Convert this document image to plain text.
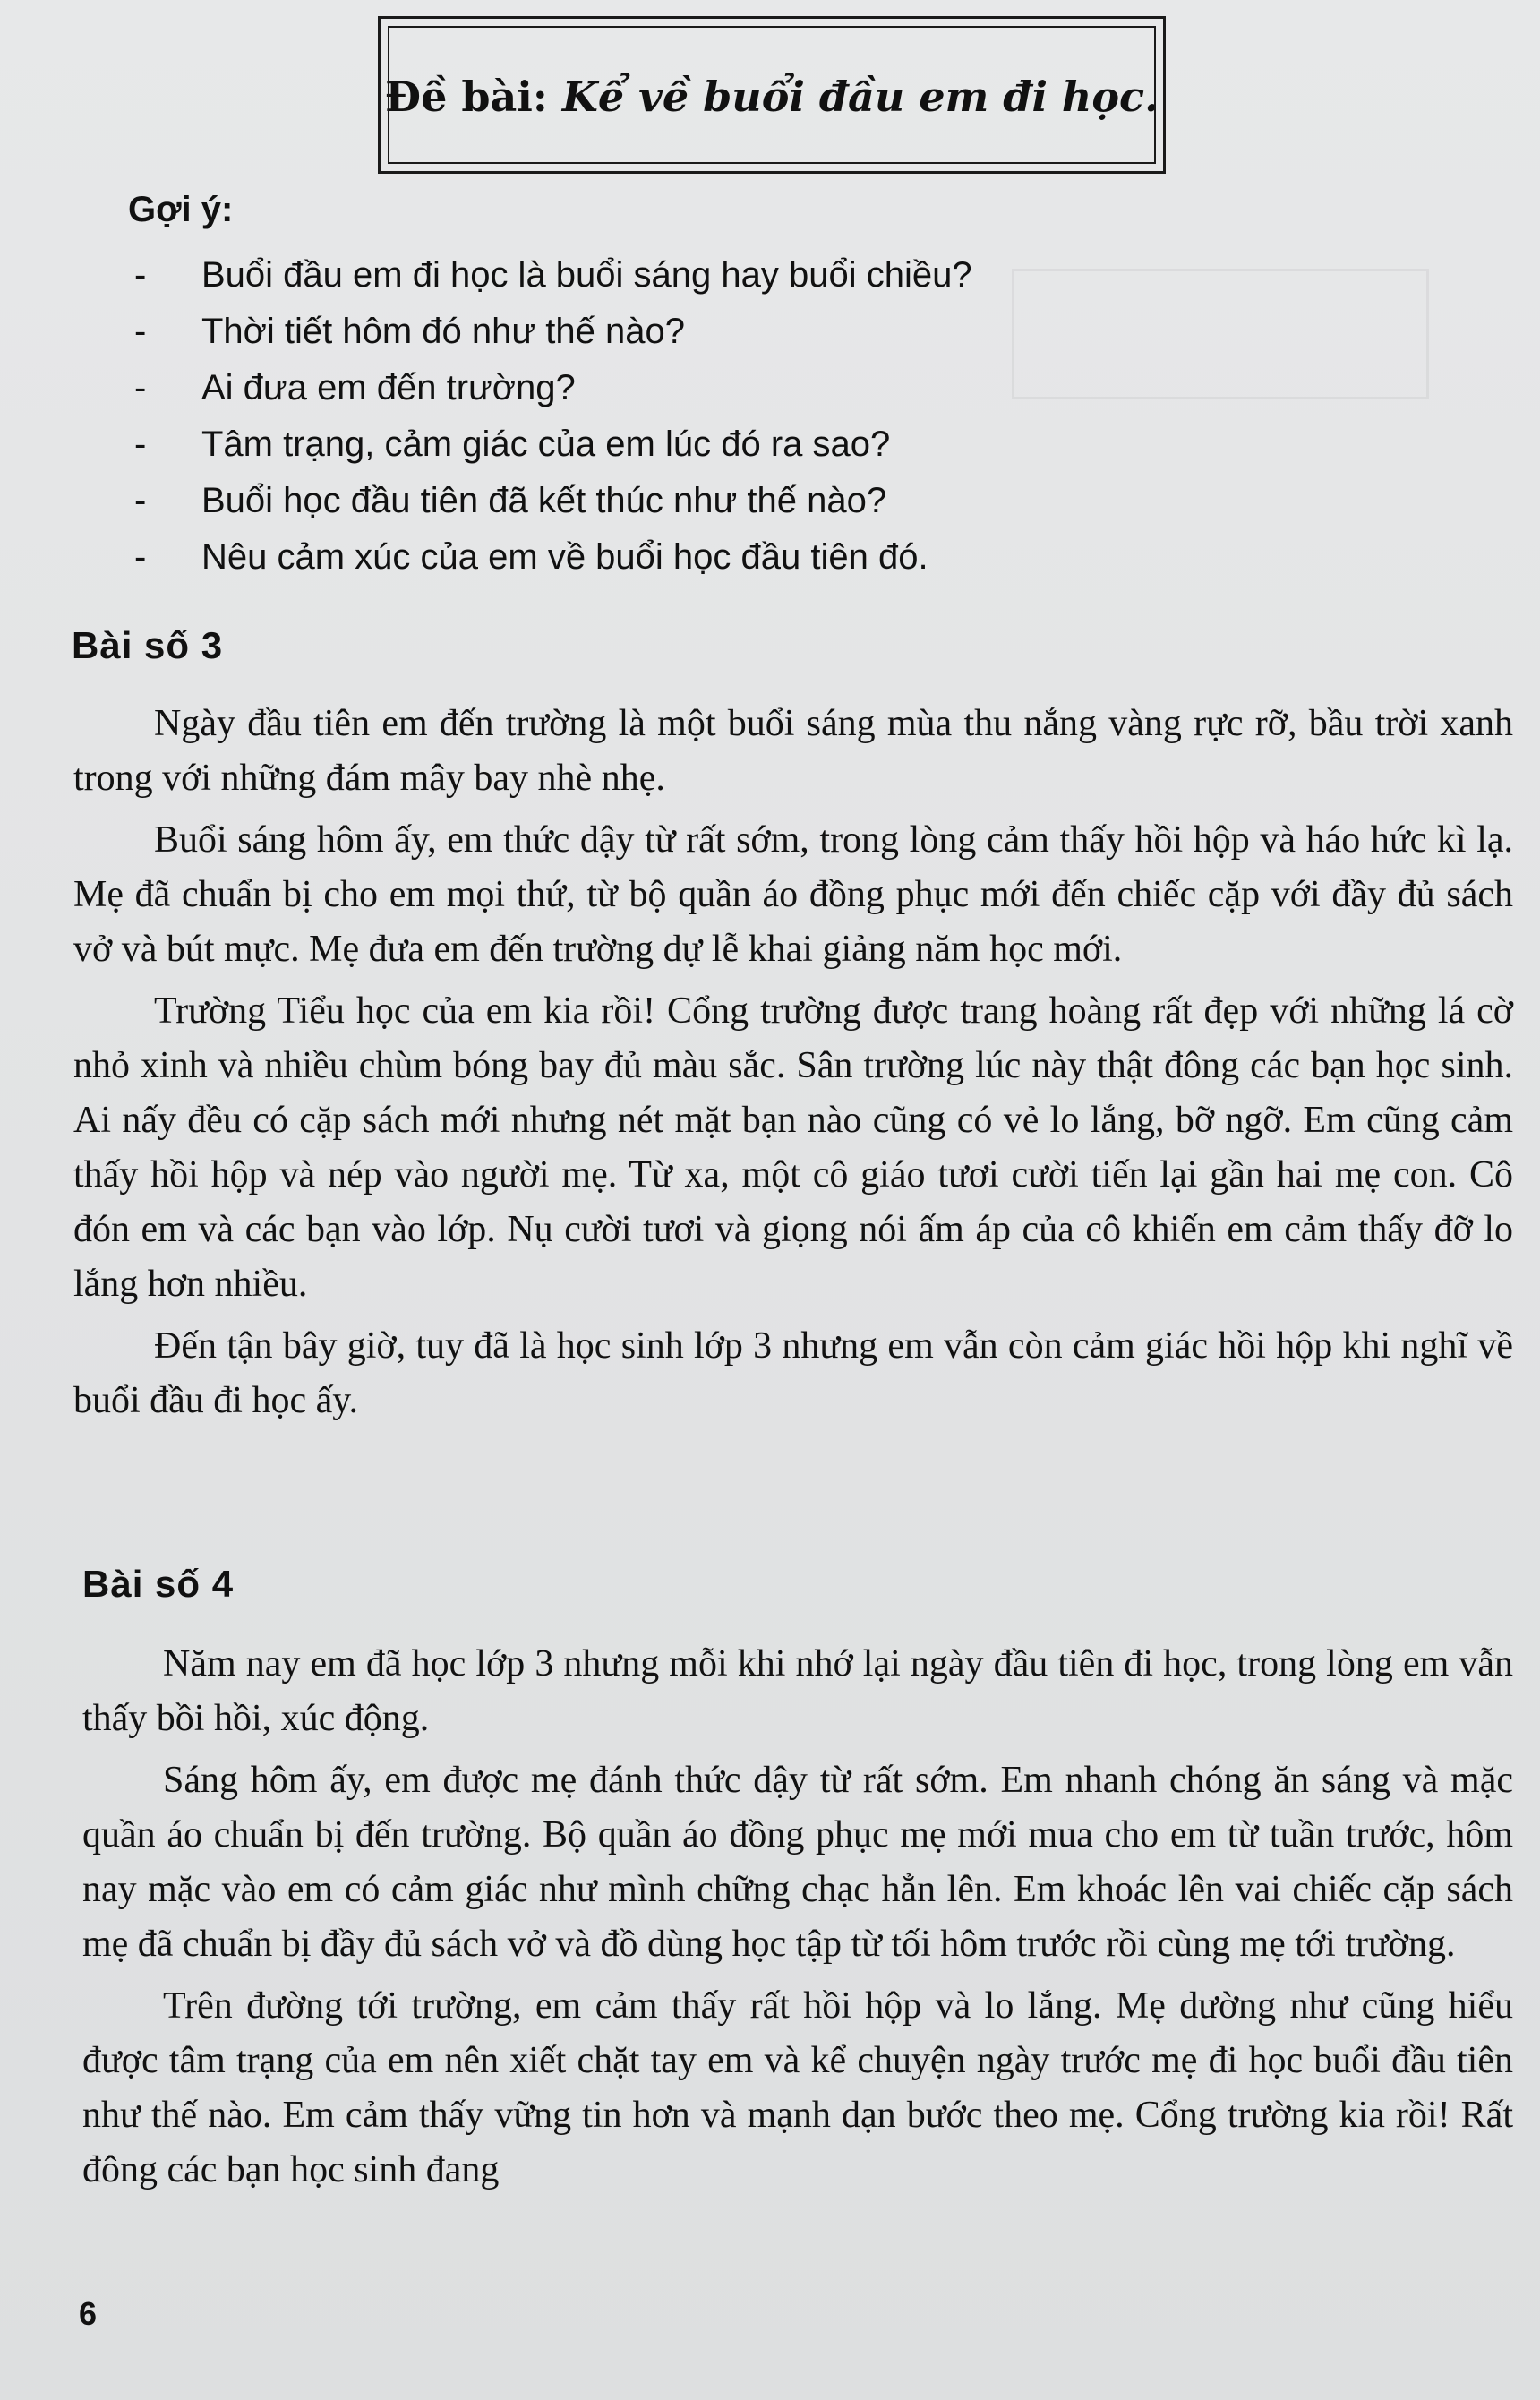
Đề bài: Kể về buổi đầu em đi học.
Gợi ý:
- Buổi đầu em đi học là buổi sáng hay buổi chiều?
- Thời tiết hôm đó như thế nào?
- Ai đưa em đến trường?
- Tâm trạng, cảm giác của em lúc đó ra sao?
- Buổi học đầu tiên đã kết thúc như thế nào?
- Nêu cảm xúc của em về buổi học đầu tiên đó.
Bài số 3

Ngày đầu tiên em đến trường là một buổi sáng mùa thu nắng vàng rực rỡ, bầu trời xanh trong với những đám mây bay nhè nhẹ.

Buổi sáng hôm ấy, em thức dậy từ rất sớm, trong lòng cảm thấy hồi hộp và háo hức kì lạ. Mẹ đã chuẩn bị cho em mọi thứ, từ bộ quần áo đồng phục mới đến chiếc cặp với đầy đủ sách vở và bút mực. Mẹ đưa em đến trường dự lễ khai giảng năm học mới.

Trường Tiểu học của em kia rồi! Cổng trường được trang hoàng rất đẹp với những lá cờ nhỏ xinh và nhiều chùm bóng bay đủ màu sắc. Sân trường lúc này thật đông các bạn học sinh. Ai nấy đều có cặp sách mới nhưng nét mặt bạn nào cũng có vẻ lo lắng, bỡ ngỡ. Em cũng cảm thấy hồi hộp và nép vào người mẹ. Từ xa, một cô giáo tươi cười tiến lại gần hai mẹ con. Cô đón em và các bạn vào lớp. Nụ cười tươi và giọng nói ấm áp của cô khiến em cảm thấy đỡ lo lắng hơn nhiều.

Đến tận bây giờ, tuy đã là học sinh lớp 3 nhưng em vẫn còn cảm giác hồi hộp khi nghĩ về buổi đầu đi học ấy.

Bài số 4

Năm nay em đã học lớp 3 nhưng mỗi khi nhớ lại ngày đầu tiên đi học, trong lòng em vẫn thấy bồi hồi, xúc động.

Sáng hôm ấy, em được mẹ đánh thức dậy từ rất sớm. Em nhanh chóng ăn sáng và mặc quần áo chuẩn bị đến trường. Bộ quần áo đồng phục mẹ mới mua cho em từ tuần trước, hôm nay mặc vào em có cảm giác như mình chững chạc hẳn lên. Em khoác lên vai chiếc cặp sách mẹ đã chuẩn bị đầy đủ sách vở và đồ dùng học tập từ tối hôm trước rồi cùng mẹ tới trường.

Trên đường tới trường, em cảm thấy rất hồi hộp và lo lắng. Mẹ dường như cũng hiểu được tâm trạng của em nên xiết chặt tay em và kể chuyện ngày trước mẹ đi học buổi đầu tiên như thế nào. Em cảm thấy vững tin hơn và mạnh dạn bước theo mẹ. Cổng trường kia rồi! Rất đông các bạn học sinh đang

6
